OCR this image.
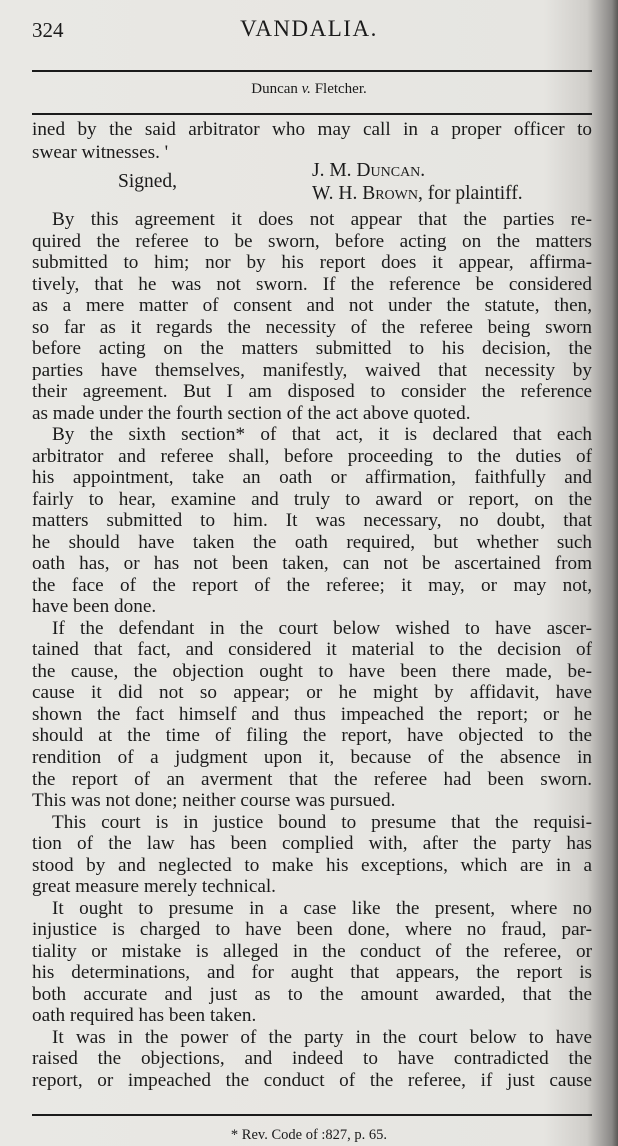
324	VANDALIA.
Duncan v. Fletcher.
ined by the said arbitrator who may call in a proper officer to
swear witnesses. '
Signed,
J. M. Duncan.
W. H. Brown, for plaintiff.
By this agreement it does not appear that the parties re-
quired the referee to be sworn, before acting on the matters
submitted to him; nor by his report does it appear, affirma-
tively, that he was not sworn. If the reference be considered
as a mere matter of consent and not under the statute, then,
so far as it regards the necessity of the referee being sworn
before acting on the matters submitted to his decision, the
parties have themselves, manifestly, waived that necessity by
their agreement. But I am disposed to consider the reference
as made under the fourth section of the act above quoted.
By the sixth section* of that act, it is declared that each
arbitrator and referee shall, before proceeding to the duties of
his appointment, take an oath or affirmation, faithfully and
fairly to hear, examine and truly to award or report, on the
matters submitted to him. It was necessary, no doubt, that
he should have taken the oath required, but whether such
oath has, or has not been taken, can not be ascertained from
the face of the report of the referee; it may, or may not,
have been done.
If the defendant in the court below wished to have ascer-
tained that fact, and considered it material to the decision of
the cause, the objection ought to have been there made, be-
cause it did not so appear; or he might by affidavit, have
shown the fact himself and thus impeached the report; or he
should at the time of filing the report, have objected to the
rendition of a judgment upon it, because of the absence in
the report of an averment that the referee had been sworn.
This was not done; neither course was pursued.
This court is in justice bound to presume that the requisi-
tion of the law has been complied with, after the party has
stood by and neglected to make his exceptions, which are in a
great measure merely technical.
It ought to presume in a case like the present, where no
injustice is charged to have been done, where no fraud, par-
tiality or mistake is alleged in the conduct of the referee, or
his determinations, and for aught that appears, the report is
both accurate and just as to the amount awarded, that the
oath required has been taken.
It was in the power of the party in the court below to have
raised the objections, and indeed to have contradicted the
report, or impeached the conduct of the referee, if just cause
* Rev. Code of :827, p. 65.
